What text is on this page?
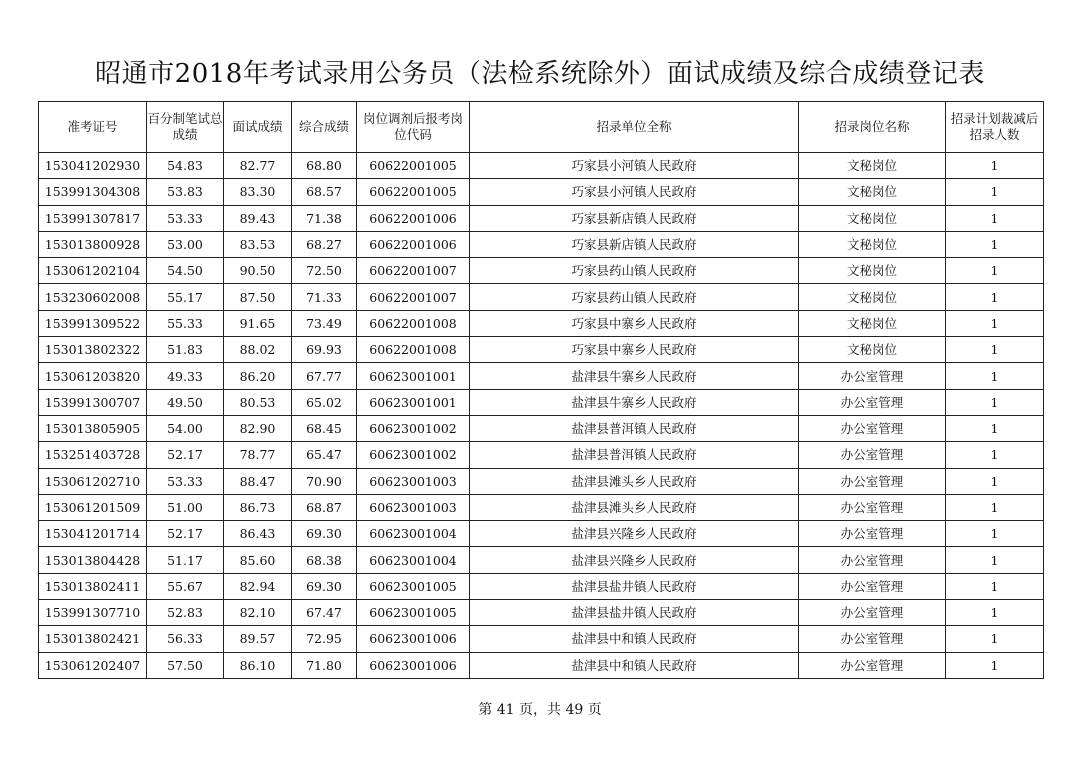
昭通市2018年考试录用公务员（法检系统除外）面试成绩及综合成绩登记表
准考证号	百分制笔试总成绩	面试成绩	综合成绩	岗位调剂后报考岗位代码	招录单位全称	招录岗位名称	招录计划裁减后招录人数
153041202930	54.83	82.77	68.80	60622001005	巧家县小河镇人民政府	文秘岗位	1
153991304308	53.83	83.30	68.57	60622001005	巧家县小河镇人民政府	文秘岗位	1
153991307817	53.33	89.43	71.38	60622001006	巧家县新店镇人民政府	文秘岗位	1
153013800928	53.00	83.53	68.27	60622001006	巧家县新店镇人民政府	文秘岗位	1
153061202104	54.50	90.50	72.50	60622001007	巧家县药山镇人民政府	文秘岗位	1
153230602008	55.17	87.50	71.33	60622001007	巧家县药山镇人民政府	文秘岗位	1
153991309522	55.33	91.65	73.49	60622001008	巧家县中寨乡人民政府	文秘岗位	1
153013802322	51.83	88.02	69.93	60622001008	巧家县中寨乡人民政府	文秘岗位	1
153061203820	49.33	86.20	67.77	60623001001	盐津县牛寨乡人民政府	办公室管理	1
153991300707	49.50	80.53	65.02	60623001001	盐津县牛寨乡人民政府	办公室管理	1
153013805905	54.00	82.90	68.45	60623001002	盐津县普洱镇人民政府	办公室管理	1
153251403728	52.17	78.77	65.47	60623001002	盐津县普洱镇人民政府	办公室管理	1
153061202710	53.33	88.47	70.90	60623001003	盐津县滩头乡人民政府	办公室管理	1
153061201509	51.00	86.73	68.87	60623001003	盐津县滩头乡人民政府	办公室管理	1
153041201714	52.17	86.43	69.30	60623001004	盐津县兴隆乡人民政府	办公室管理	1
153013804428	51.17	85.60	68.38	60623001004	盐津县兴隆乡人民政府	办公室管理	1
153013802411	55.67	82.94	69.30	60623001005	盐津县盐井镇人民政府	办公室管理	1
153991307710	52.83	82.10	67.47	60623001005	盐津县盐井镇人民政府	办公室管理	1
153013802421	56.33	89.57	72.95	60623001006	盐津县中和镇人民政府	办公室管理	1
153061202407	57.50	86.10	71.80	60623001006	盐津县中和镇人民政府	办公室管理	1
第 41 页，共 49 页
